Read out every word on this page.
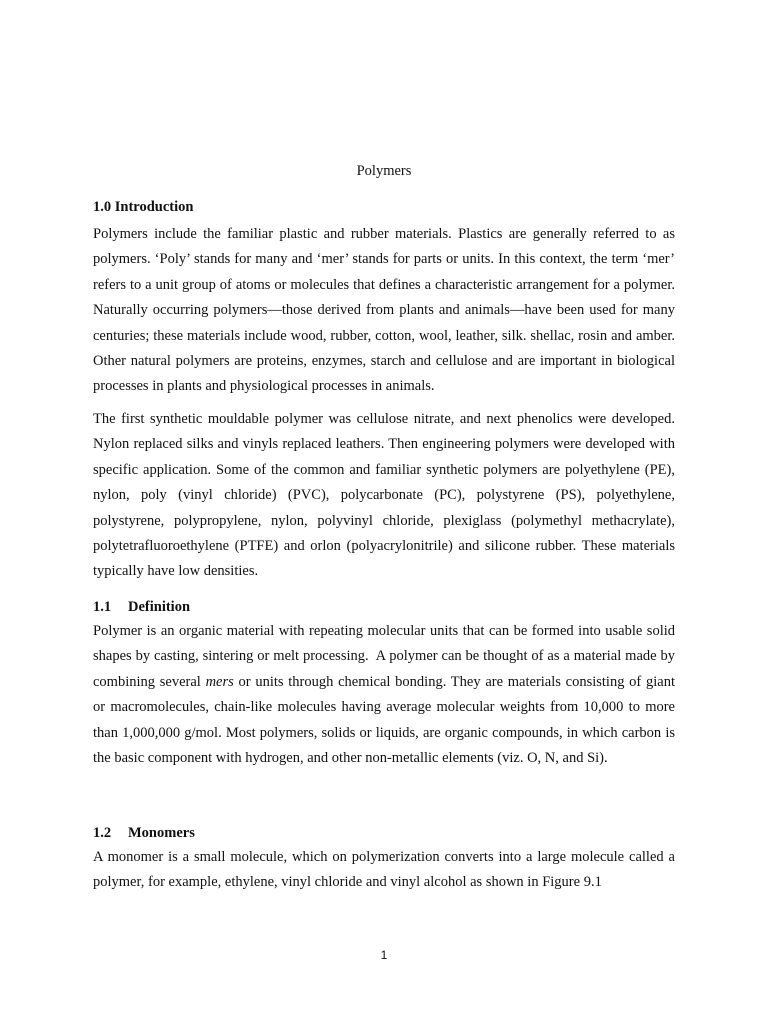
Polymers
1.0 Introduction

Polymers include the familiar plastic and rubber materials. Plastics are generally referred to as polymers. ‘Poly’ stands for many and ‘mer’ stands for parts or units. In this context, the term ‘mer’ refers to a unit group of atoms or molecules that defines a characteristic arrangement for a polymer. Naturally occurring polymers—those derived from plants and animals—have been used for many centuries; these materials include wood, rubber, cotton, wool, leather, silk. shellac, rosin and amber. Other natural polymers are proteins, enzymes, starch and cellulose and are important in biological processes in plants and physiological processes in animals.

The first synthetic mouldable polymer was cellulose nitrate, and next phenolics were developed. Nylon replaced silks and vinyls replaced leathers. Then engineering polymers were developed with specific application. Some of the common and familiar synthetic polymers are polyethylene (PE), nylon, poly (vinyl chloride) (PVC), polycarbonate (PC), polystyrene (PS), polyethylene, polystyrene, polypropylene, nylon, polyvinyl chloride, plexiglass (polymethyl methacrylate), polytetrafluoroethylene (PTFE) and orlon (polyacrylonitrile) and silicone rubber. These materials typically have low densities.

1.1 Definition

Polymer is an organic material with repeating molecular units that can be formed into usable solid shapes by casting, sintering or melt processing.  A polymer can be thought of as a material made by combining several mers or units through chemical bonding. They are materials consisting of giant or macromolecules, chain-like molecules having average molecular weights from 10,000 to more than 1,000,000 g/mol. Most polymers, solids or liquids, are organic compounds, in which carbon is the basic component with hydrogen, and other non-metallic elements (viz. O, N, and Si).

1.2 Monomers

A monomer is a small molecule, which on polymerization converts into a large molecule called a polymer, for example, ethylene, vinyl chloride and vinyl alcohol as shown in Figure 9.1

1
